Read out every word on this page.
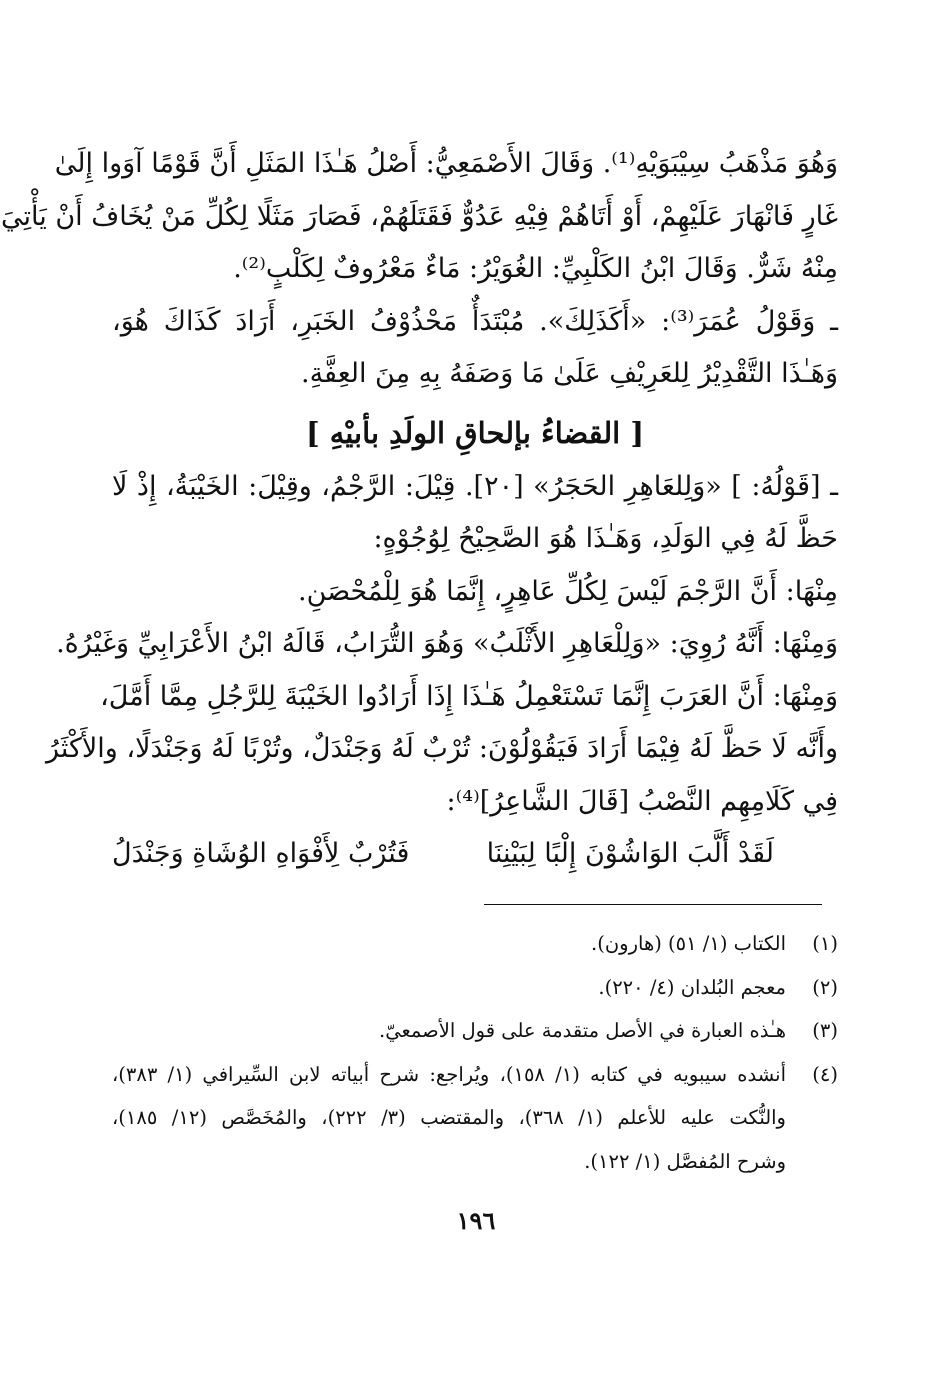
وَهُوَ مَذْهَبُ سِيْبَوَيْهِ⁽¹⁾. وَقَالَ الأَصْمَعِيُّ: أَصْلُ هَـٰذَا المَثَلِ أَنَّ قَوْمًا آوَوا إِلَىٰ
غَارٍ فَانْهَارَ عَلَيْهِمْ، أَوْ أَتَاهُمْ فِيْهِ عَدُوٌّ فَقَتَلَهُمْ، فَصَارَ مَثَلًا لِكُلِّ مَنْ يُخَافُ أَنْ يَأْتِيَ
مِنْهُ شَرٌّ. وَقَالَ ابْنُ الكَلْبِيِّ: الغُوَيْرُ: مَاءٌ مَعْرُوفٌ لِكَلْبٍ⁽²⁾.
ـ وَقَوْلُ عُمَرَ⁽³⁾: «أَكَذَلِكَ». مُبْتَدَأٌ مَحْذُوْفُ الخَبَرِ، أَرَادَ كَذَاكَ هُوَ،
وَهَـٰذَا التَّقْدِيْرُ لِلعَرِيْفِ عَلَىٰ مَا وَصَفَهُ بِهِ مِنَ العِفَّةِ.
[ القضاءُ بإلحاقِ الولَدِ بأبيْهِ ]
ـ [قَوْلُهُ: ] «وَلِلعَاهِرِ الحَجَرُ» [٢٠]. قِيْلَ: الرَّجْمُ، وقِيْلَ: الخَيْبَةُ، إِذْ لَا
حَظَّ لَهُ فِي الوَلَدِ، وَهَـٰذَا هُوَ الصَّحِيْحُ لِوُجُوْهٍ:
مِنْهَا: أَنَّ الرَّجْمَ لَيْسَ لِكُلِّ عَاهِرٍ، إِنَّمَا هُوَ لِلْمُحْصَنِ.
وَمِنْهَا: أَنَّهُ رُوِيَ: «وَلِلْعَاهِرِ الأَثْلَبُ» وَهُوَ التُّرَابُ، قَالَهُ ابْنُ الأَعْرَابِيِّ وَغَيْرُهُ.
وَمِنْهَا: أَنَّ العَرَبَ إِنَّمَا تَسْتَعْمِلُ هَـٰذَا إِذَا أَرَادُوا الخَيْبَةَ لِلرَّجُلِ مِمَّا أَمَّلَ،
وأَنَّه لَا حَظَّ لَهُ فِيْمَا أَرَادَ فَيَقُوْلُوْنَ: تُرْبٌ لَهُ وَجَنْدَلٌ، وتُرْبًا لَهُ وَجَنْدَلًا، والأَكْثَرُ
فِي كَلَامِهِم النَّصْبُ [قَالَ الشَّاعِرُ]⁽⁴⁾:
لَقَدْ أَلَّبَ الوَاشُوْنَ إِلْبًا لِبَيْنِنَا
فَتُرْبٌ لِأَفْوَاهِ الوُشَاةِ وَجَنْدَلُ
(١)
الكتاب (١/ ٥١) (هارون).
(٢)
معجم البُلدان (٤/ ٢٢٠).
(٣)
هـٰذه العبارة في الأصل متقدمة على قول الأصمعيّ.
(٤)
أنشده سيبويه في كتابه (١/ ١٥٨)، ويُراجع: شرح أبياته لابن السِّيرافي (١/ ٣٨٣)،
والنُّكت عليه للأعلم (١/ ٣٦٨)، والمقتضب (٣/ ٢٢٢)، والمُخَصَّص (١٢/ ١٨٥)،
وشرح المُفصَّل (١/ ١٢٢).
١٩٦
